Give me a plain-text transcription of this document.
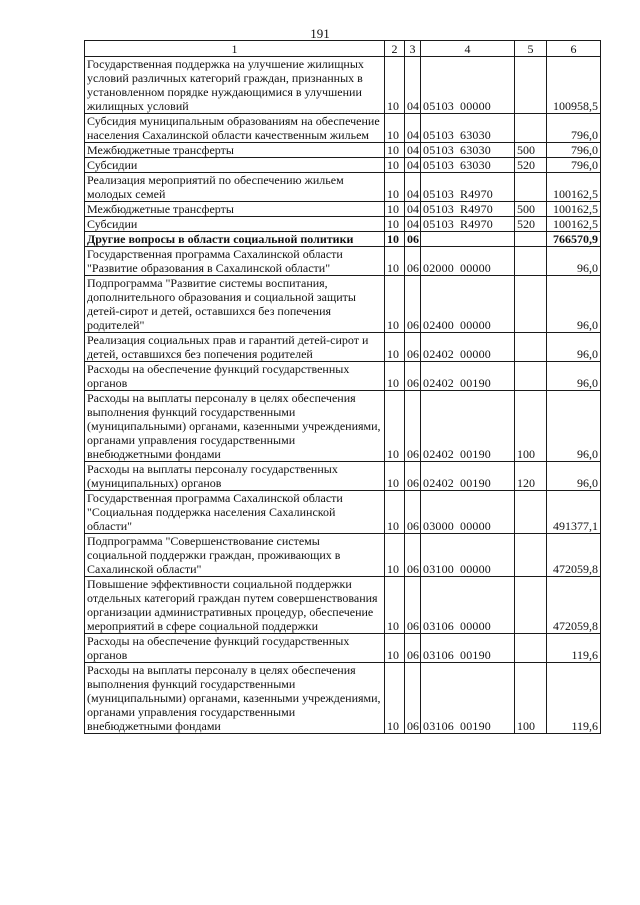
191
1	2	3	4	5	6
Государственная поддержка на улучшение жилищных условий различных категорий граждан, признанных в установленном порядке нуждающимися в улучшении жилищных условий	10	04	05103 00000		100958,5
Субсидия муниципальным образованиям на обеспечение населения Сахалинской области качественным жильем	10	04	05103 63030		796,0
Межбюджетные трансферты	10	04	05103 63030	500	796,0
Субсидии	10	04	05103 63030	520	796,0
Реализация мероприятий по обеспечению жильем молодых семей	10	04	05103 R4970		100162,5
Межбюджетные трансферты	10	04	05103 R4970	500	100162,5
Субсидии	10	04	05103 R4970	520	100162,5
Другие вопросы в области социальной политики	10	06			766570,9
Государственная программа Сахалинской области "Развитие образования в Сахалинской области"	10	06	02000 00000		96,0
Подпрограмма "Развитие системы воспитания, дополнительного образования и социальной защиты детей-сирот и детей, оставшихся без попечения родителей"	10	06	02400 00000		96,0
Реализация социальных прав и гарантий детей-сирот и детей, оставшихся без попечения родителей	10	06	02402 00000		96,0
Расходы на обеспечение функций государственных органов	10	06	02402 00190		96,0
Расходы на выплаты персоналу в целях обеспечения выполнения функций государственными (муниципальными) органами, казенными учреждениями, органами управления государственными внебюджетными фондами	10	06	02402 00190	100	96,0
Расходы на выплаты персоналу государственных (муниципальных) органов	10	06	02402 00190	120	96,0
Государственная программа Сахалинской области "Социальная поддержка населения Сахалинской области"	10	06	03000 00000		491377,1
Подпрограмма "Совершенствование системы социальной поддержки граждан, проживающих в Сахалинской области"	10	06	03100 00000		472059,8
Повышение эффективности социальной поддержки отдельных категорий граждан путем совершенствования организации административных процедур, обеспечение мероприятий в сфере социальной поддержки	10	06	03106 00000		472059,8
Расходы на обеспечение функций государственных органов	10	06	03106 00190		119,6
Расходы на выплаты персоналу в целях обеспечения выполнения функций государственными (муниципальными) органами, казенными учреждениями, органами управления государственными внебюджетными фондами	10	06	03106 00190	100	119,6
